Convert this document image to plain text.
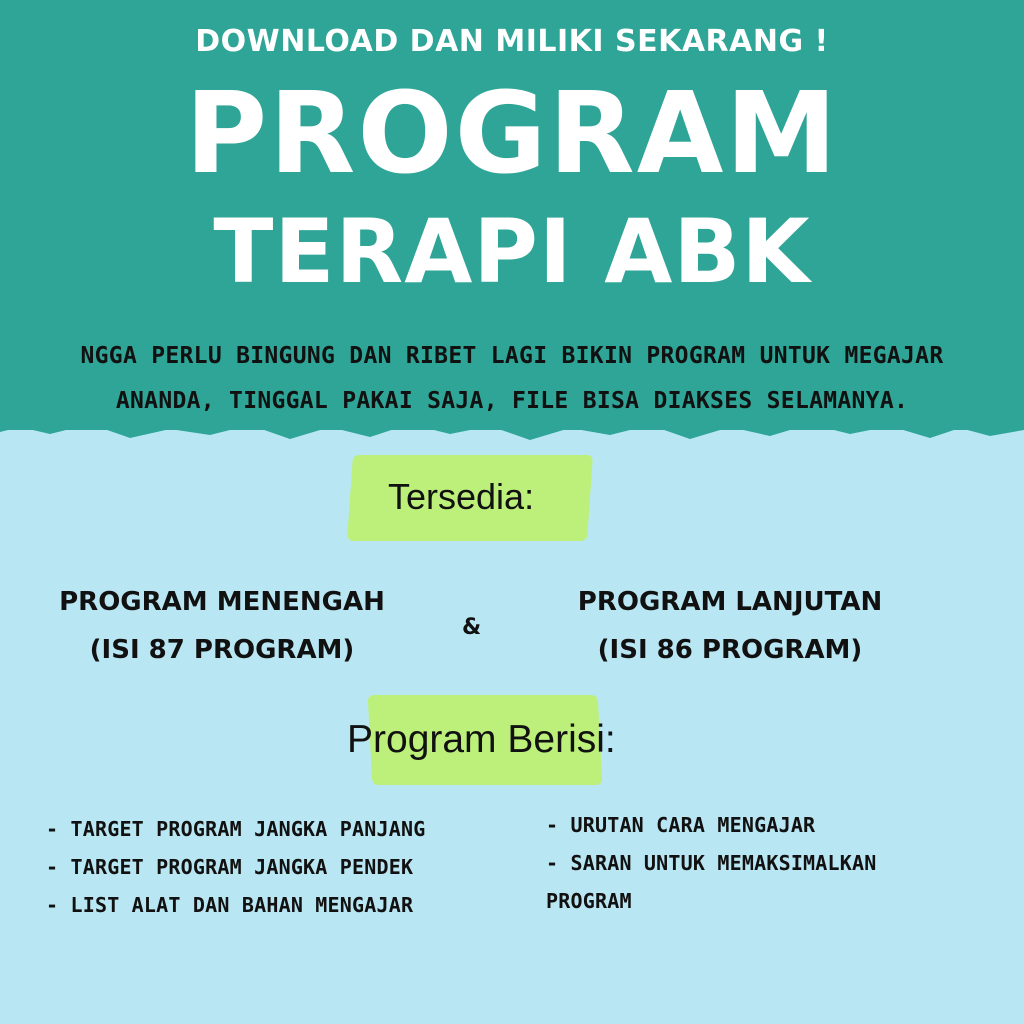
DOWNLOAD DAN MILIKI SEKARANG !
PROGRAM
TERAPI ABK
NGGA PERLU BINGUNG DAN RIBET LAGI BIKIN PROGRAM UNTUK MEGAJAR
ANANDA, TINGGAL PAKAI SAJA, FILE BISA DIAKSES SELAMANYA.
Tersedia:
PROGRAM MENENGAH
(ISI 87 PROGRAM)
&
PROGRAM LANJUTAN
(ISI 86 PROGRAM)
Program Berisi:
- TARGET PROGRAM JANGKA PANJANG
- TARGET PROGRAM JANGKA PENDEK
- LIST ALAT DAN BAHAN MENGAJAR
- URUTAN CARA MENGAJAR
- SARAN UNTUK MEMAKSIMALKAN
PROGRAM
